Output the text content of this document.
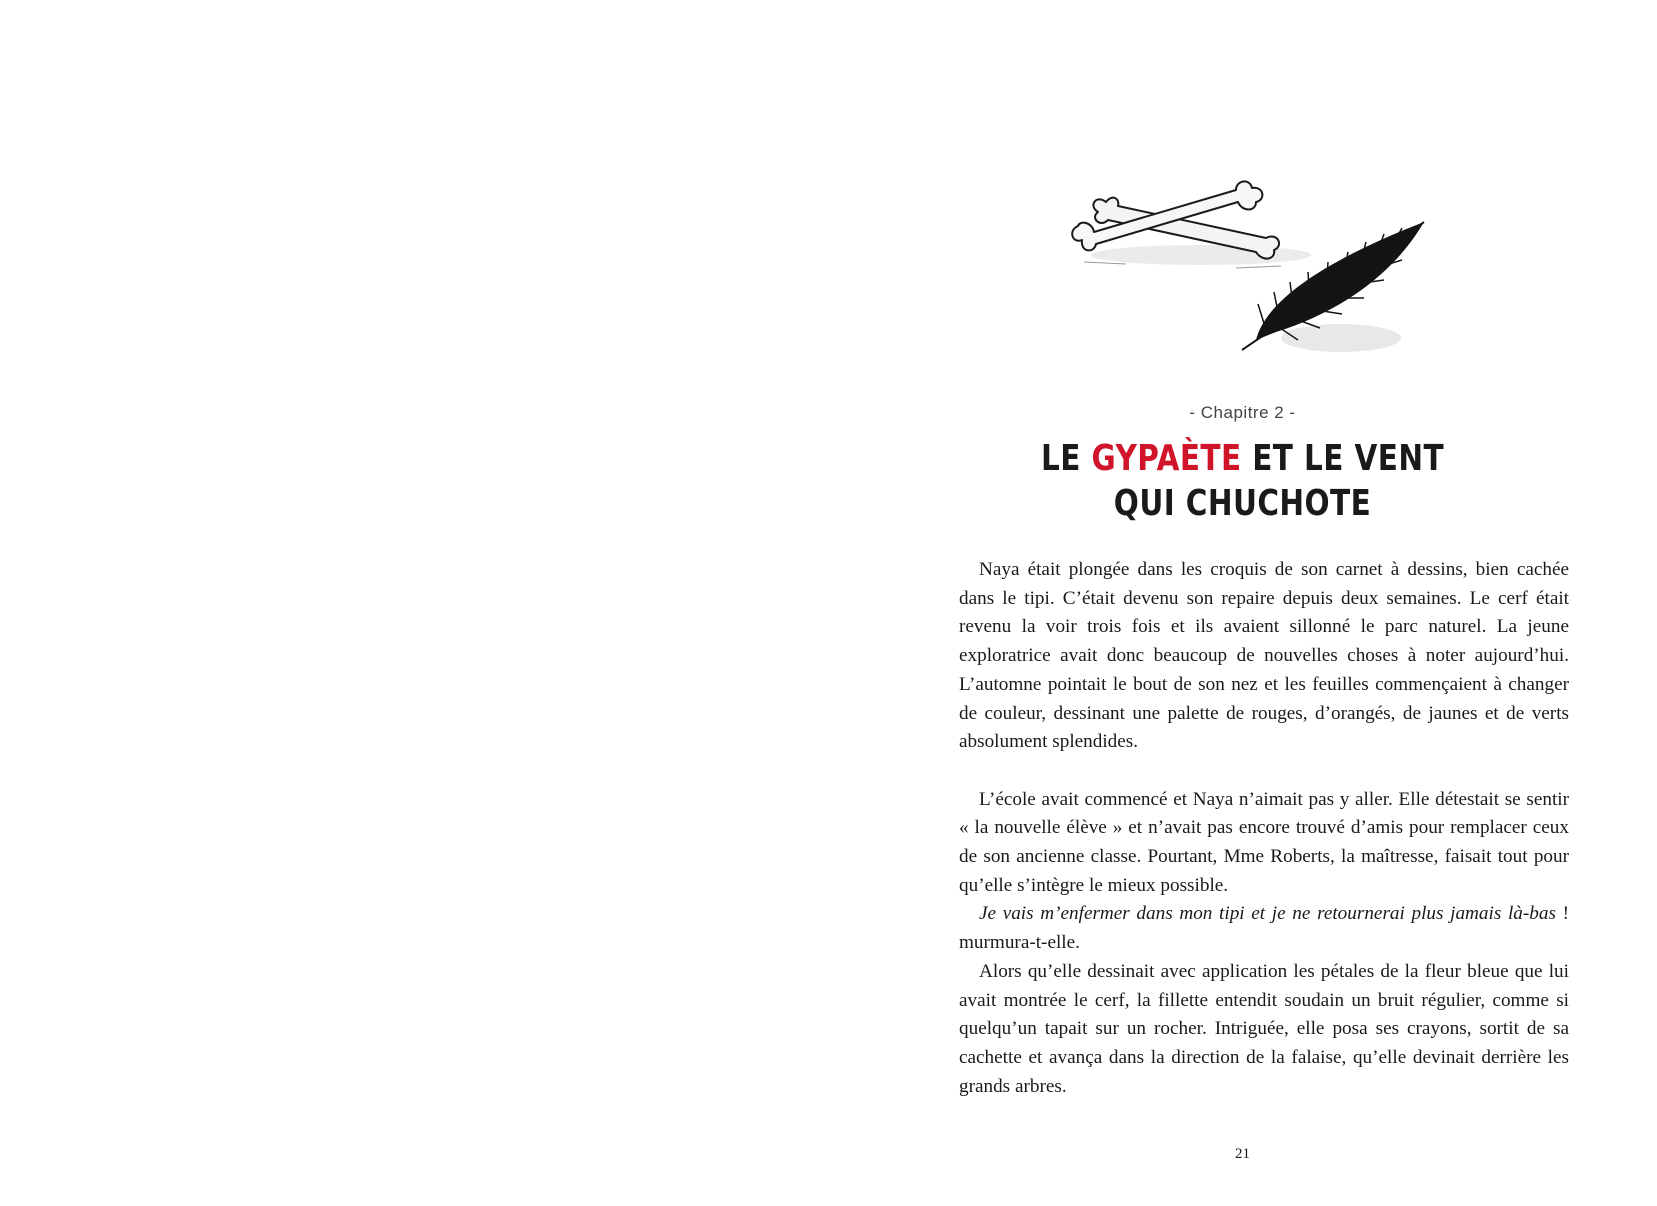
- Chapitre 2 -
LE GYPAÈTE ET LE VENT
QUI CHUCHOTE

Naya était plongée dans les croquis de son carnet à dessins, bien cachée dans le tipi. C’était devenu son repaire depuis deux semaines. Le cerf était revenu la voir trois fois et ils avaient sillonné le parc naturel. La jeune exploratrice avait donc beaucoup de nouvelles choses à noter aujourd’hui. L’automne pointait le bout de son nez et les feuilles commençaient à changer de couleur, dessinant une palette de rouges, d’orangés, de jaunes et de verts absolument splendides.

L’école avait commencé et Naya n’aimait pas y aller. Elle détestait se sentir « la nouvelle élève » et n’avait pas encore trouvé d’amis pour remplacer ceux de son ancienne classe. Pourtant, Mme Roberts, la maîtresse, faisait tout pour qu’elle s’intègre le mieux possible.

Je vais m’enfermer dans mon tipi et je ne retournerai plus jamais là-bas ! murmura-t-elle.

Alors qu’elle dessinait avec application les pétales de la fleur bleue que lui avait montrée le cerf, la fillette entendit soudain un bruit régulier, comme si quelqu’un tapait sur un rocher. Intriguée, elle posa ses crayons, sortit de sa cachette et avança dans la direction de la falaise, qu’elle devinait derrière les grands arbres.

21
